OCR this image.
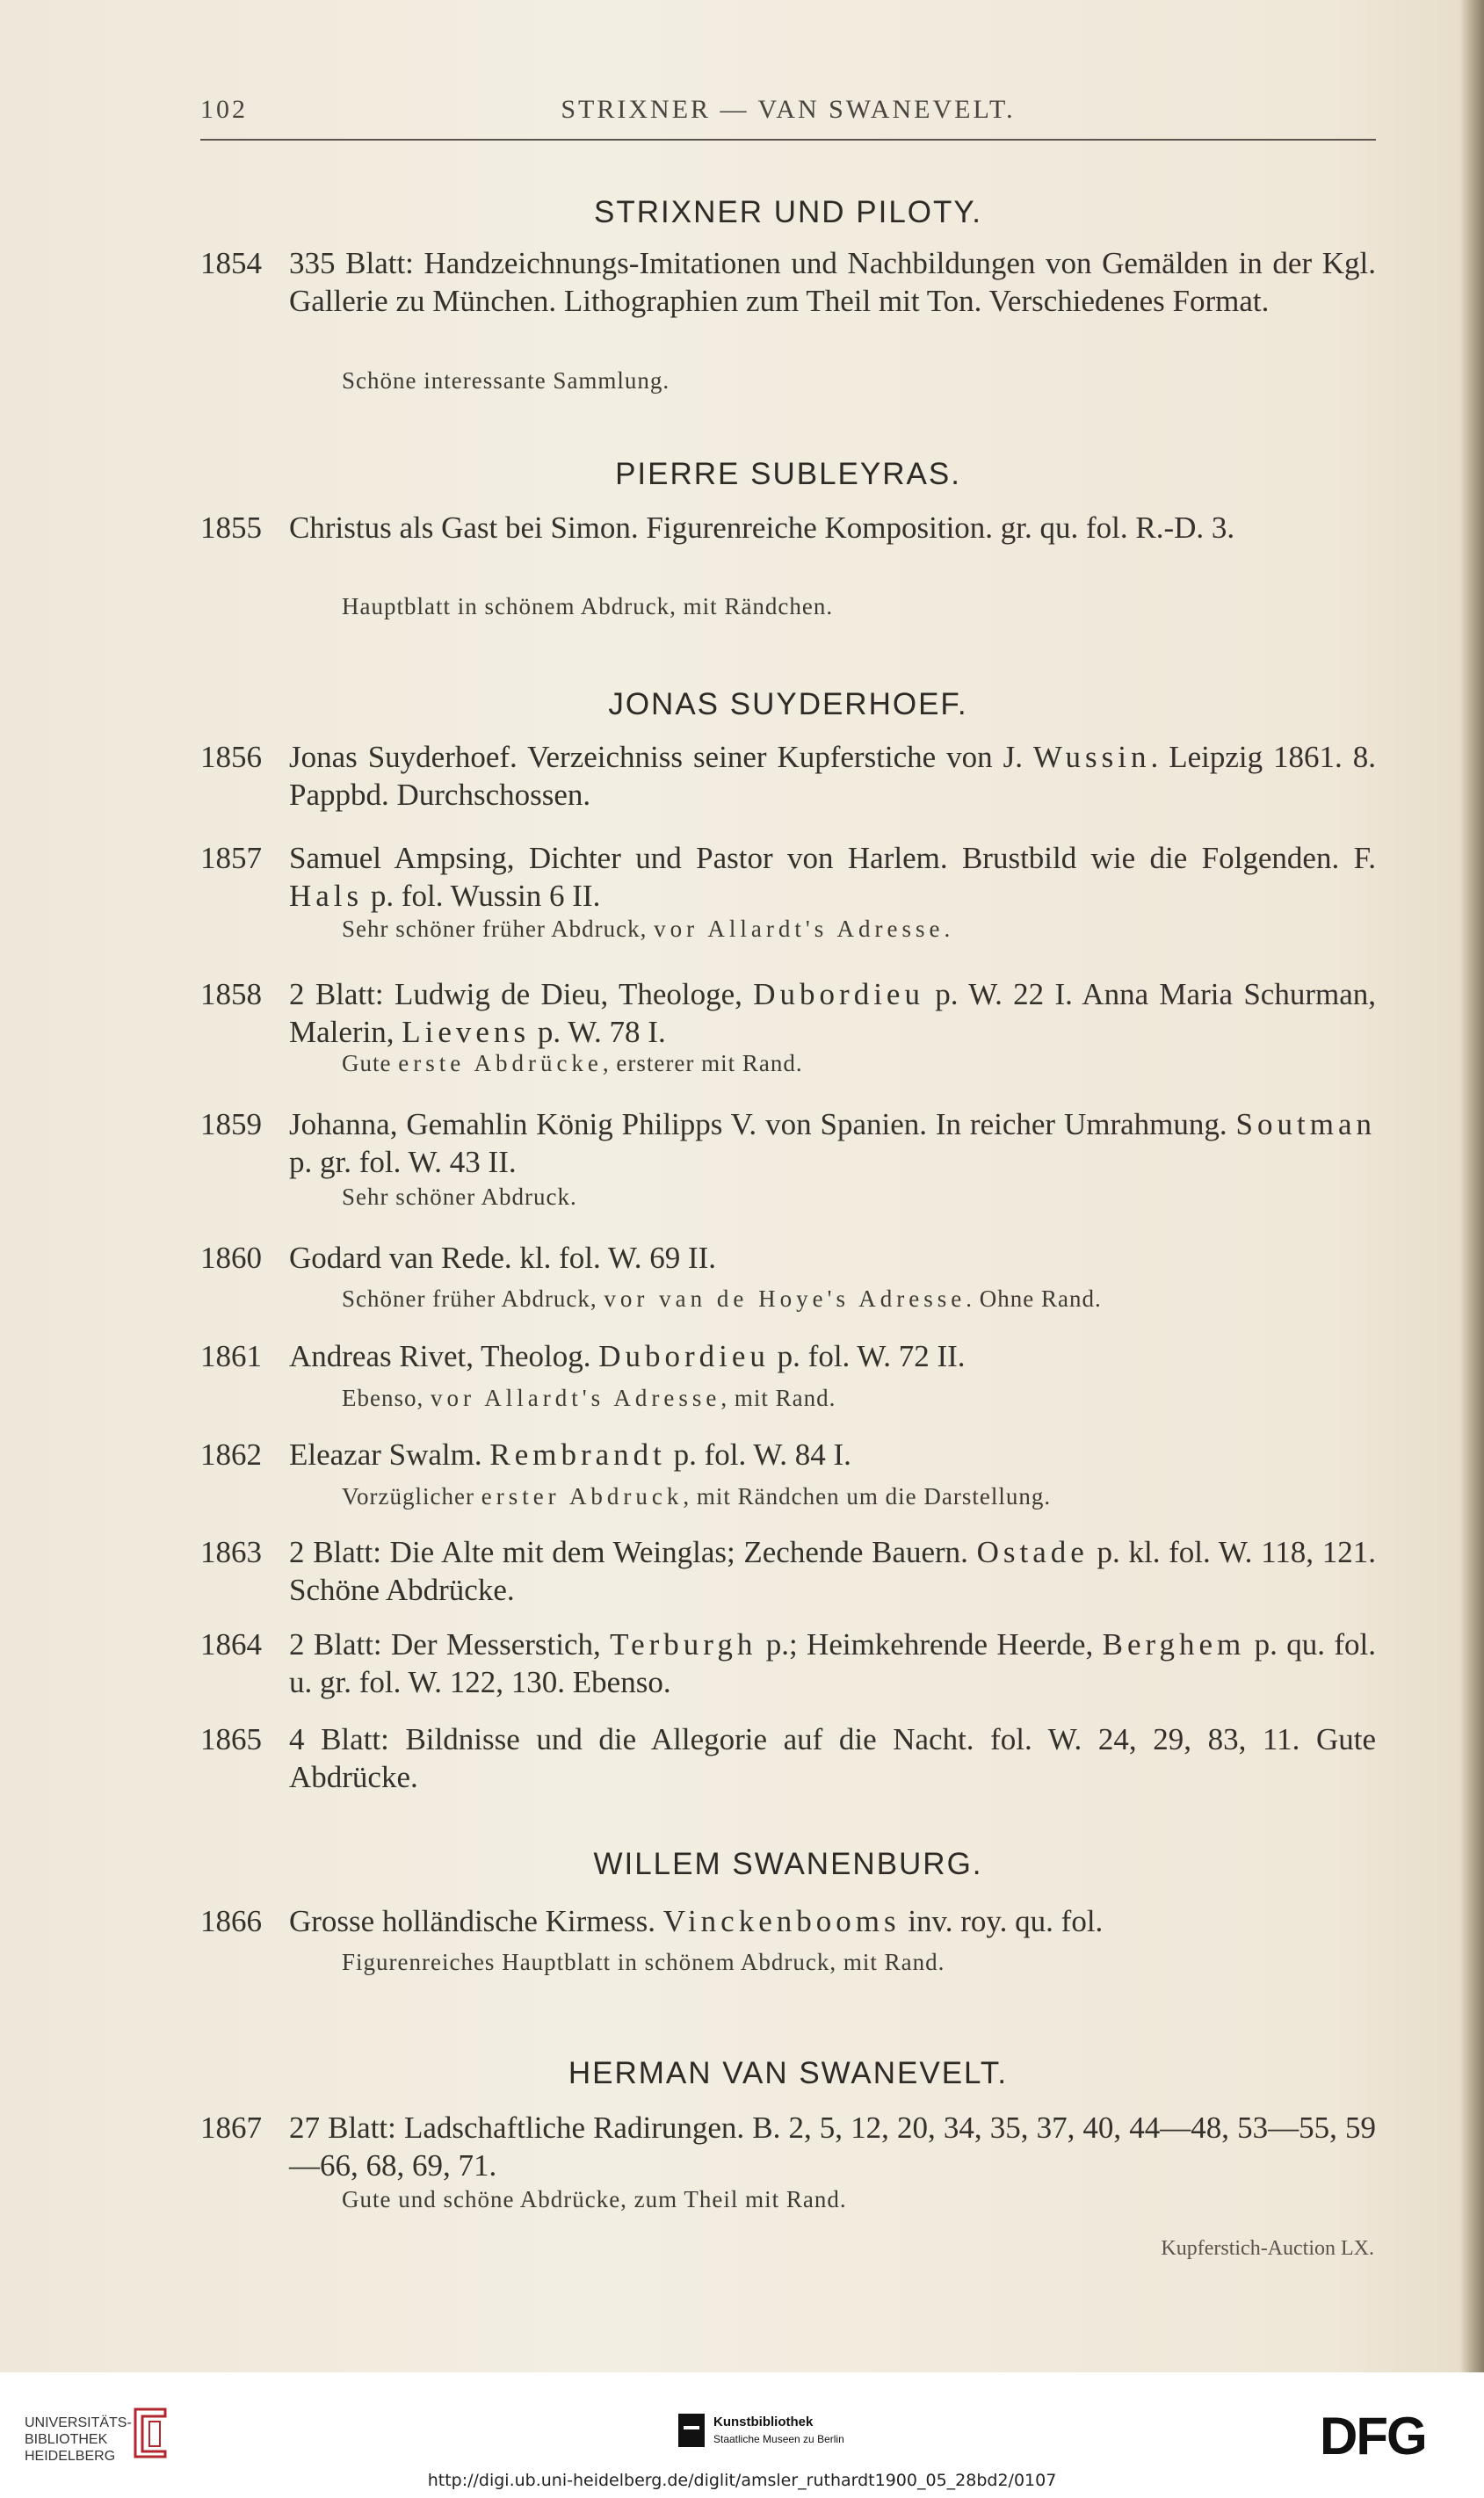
102	STRIXNER — VAN SWANEVELT.
STRIXNER UND PILOTY.
1854 335 Blatt: Handzeichnungs-Imitationen und Nachbildungen von Gemälden in der Kgl. Gallerie zu München. Lithographien zum Theil mit Ton. Verschiedenes Format.
Schöne interessante Sammlung.
PIERRE SUBLEYRAS.
1855 Christus als Gast bei Simon. Figurenreiche Komposition. gr. qu. fol. R.-D. 3.
Hauptblatt in schönem Abdruck, mit Rändchen.
JONAS SUYDERHOEF.
1856 Jonas Suyderhoef. Verzeichniss seiner Kupferstiche von J. Wussin. Leipzig 1861. 8. Pappbd. Durchschossen.
1857 Samuel Ampsing, Dichter und Pastor von Harlem. Brustbild wie die Folgenden. F. Hals p. fol. Wussin 6 II.
Sehr schöner früher Abdruck, vor Allardt's Adresse.
1858 2 Blatt: Ludwig de Dieu, Theologe, Dubordieu p. W. 22 I. Anna Maria Schurman, Malerin, Lievens p. W. 78 I.
Gute erste Abdrücke, ersterer mit Rand.
1859 Johanna, Gemahlin König Philipps V. von Spanien. In reicher Umrahmung. Soutman p. gr. fol. W. 43 II.
Sehr schöner Abdruck.
1860 Godard van Rede. kl. fol. W. 69 II.
Schöner früher Abdruck, vor van de Hoye's Adresse. Ohne Rand.
1861 Andreas Rivet, Theolog. Dubordieu p. fol. W. 72 II.
Ebenso, vor Allardt's Adresse, mit Rand.
1862 Eleazar Swalm. Rembrandt p. fol. W. 84 I.
Vorzüglicher erster Abdruck, mit Rändchen um die Darstellung.
1863 2 Blatt: Die Alte mit dem Weinglas; Zechende Bauern. Ostade p. kl. fol. W. 118, 121. Schöne Abdrücke.
1864 2 Blatt: Der Messerstich, Terburgh p.; Heimkehrende Heerde, Berghem p. qu. fol. u. gr. fol. W. 122, 130. Ebenso.
1865 4 Blatt: Bildnisse und die Allegorie auf die Nacht. fol. W. 24, 29, 83, 11. Gute Abdrücke.
WILLEM SWANENBURG.
1866 Grosse holländische Kirmess. Vinckenbooms inv. roy. qu. fol.
Figurenreiches Hauptblatt in schönem Abdruck, mit Rand.
HERMAN VAN SWANEVELT.
1867 27 Blatt: Ladschaftliche Radirungen. B. 2, 5, 12, 20, 34, 35, 37, 40, 44—48, 53—55, 59—66, 68, 69, 71.
Gute und schöne Abdrücke, zum Theil mit Rand.
Kupferstich-Auction LX.
UNIVERSITÄTS-
BIBLIOTHEK
HEIDELBERG
Kunstbibliothek
Staatliche Museen zu Berlin	DFG
http://digi.ub.uni-heidelberg.de/diglit/amsler_ruthardt1900_05_28bd2/0107
